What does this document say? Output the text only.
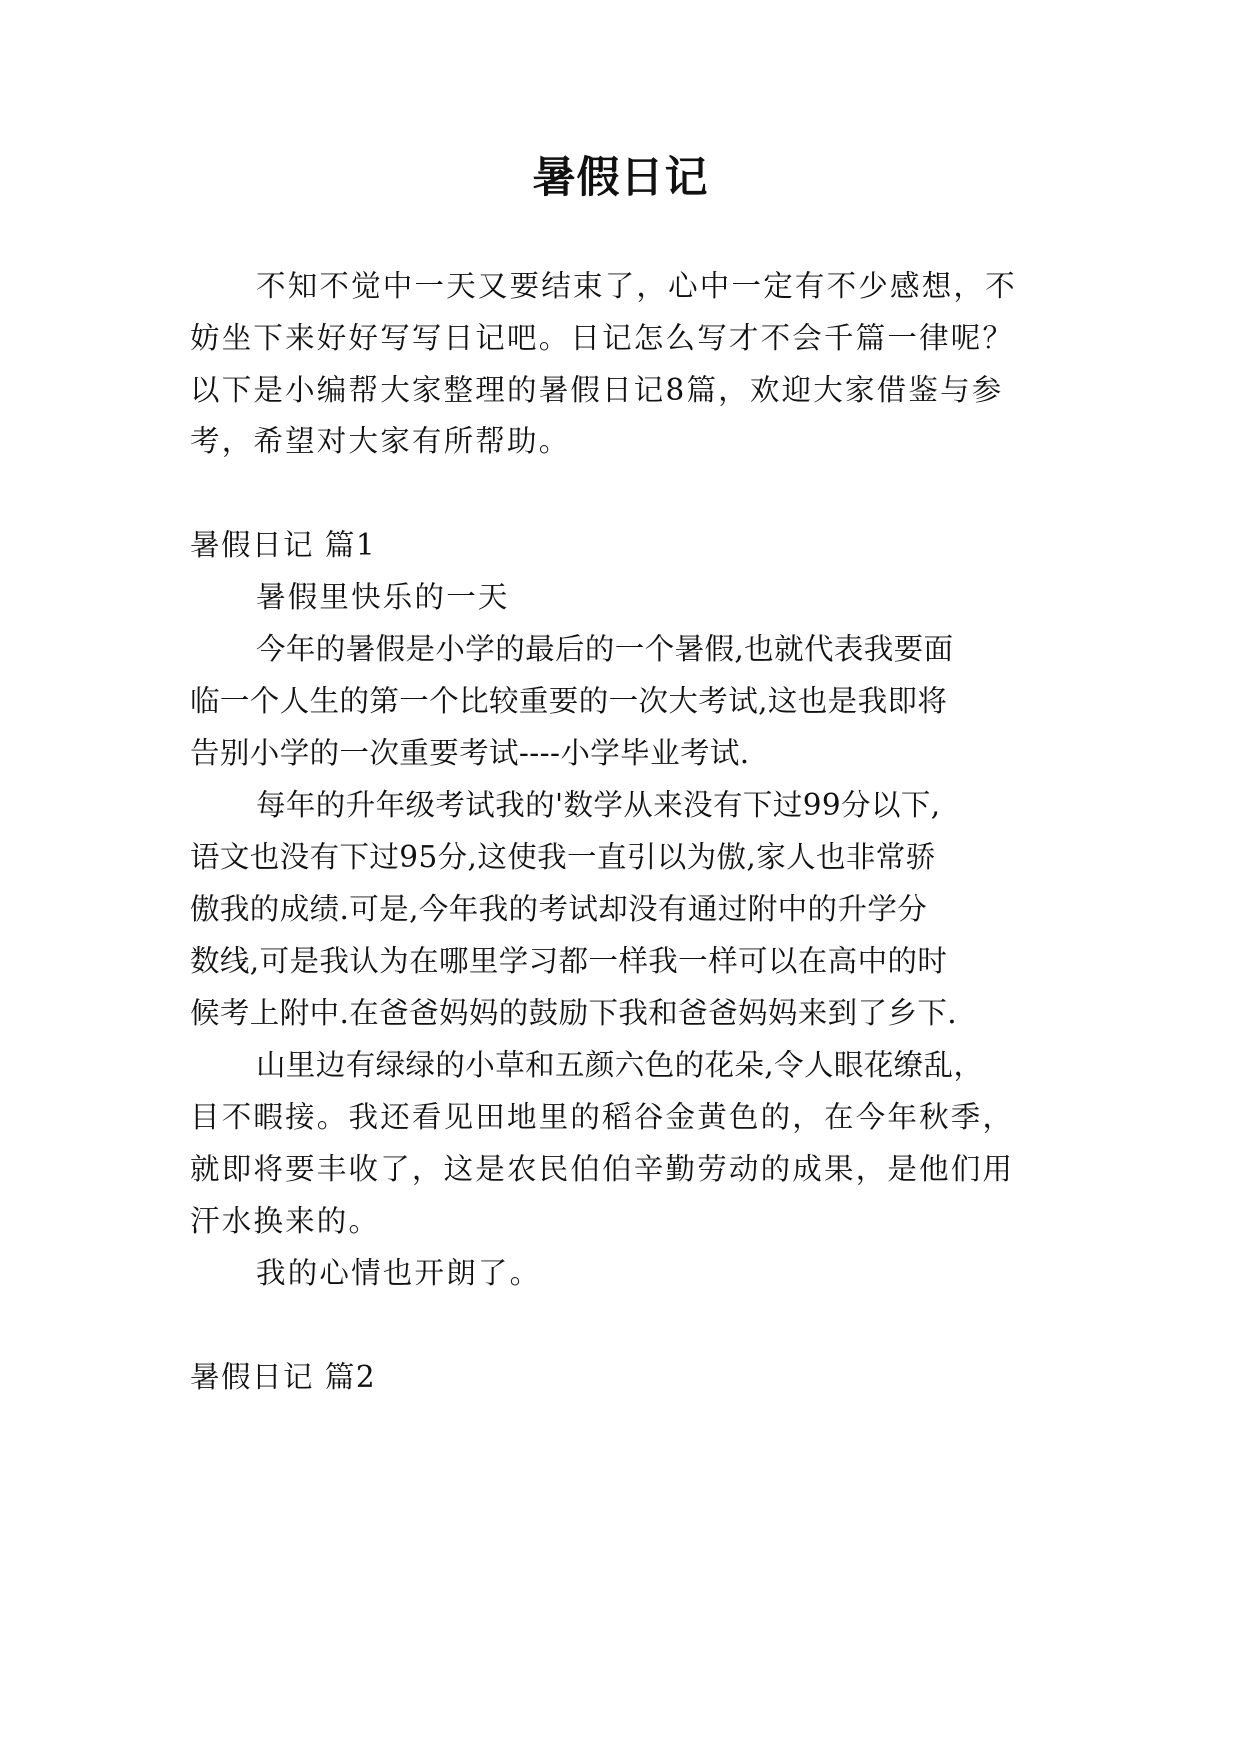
暑假日记
不知不觉中一天又要结束了，心中一定有不少感想，不
妨坐下来好好写写日记吧。日记怎么写才不会千篇一律呢？
以下是小编帮大家整理的暑假日记8篇，欢迎大家借鉴与参
考，希望对大家有所帮助。
暑假日记 篇1
暑假里快乐的一天
今年的暑假是小学的最后的一个暑假,也就代表我要面
临一个人生的第一个比较重要的一次大考试,这也是我即将
告别小学的一次重要考试----小学毕业考试.
每年的升年级考试我的'数学从来没有下过99分以下,
语文也没有下过95分,这使我一直引以为傲,家人也非常骄
傲我的成绩.可是,今年我的考试却没有通过附中的升学分
数线,可是我认为在哪里学习都一样我一样可以在高中的时
候考上附中.在爸爸妈妈的鼓励下我和爸爸妈妈来到了乡下.
山里边有绿绿的小草和五颜六色的花朵,令人眼花缭乱，
目不暇接。我还看见田地里的稻谷金黄色的，在今年秋季，
就即将要丰收了，这是农民伯伯辛勤劳动的成果，是他们用
汗水换来的。
我的心情也开朗了。
暑假日记 篇2
